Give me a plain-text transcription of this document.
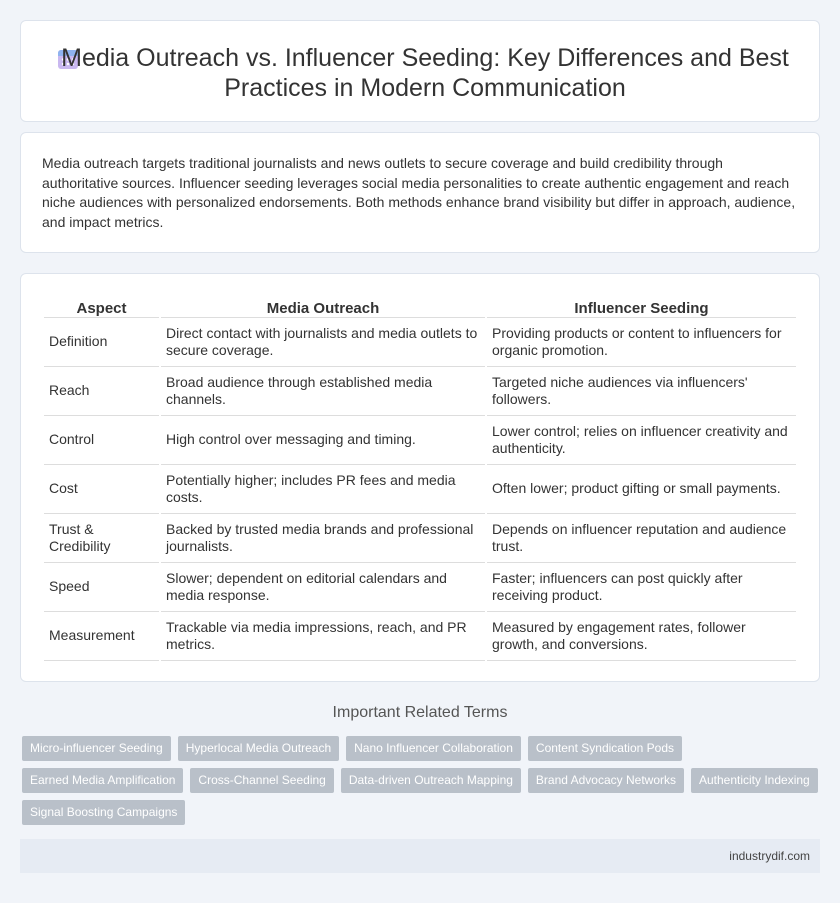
Media Outreach vs. Influencer Seeding: Key Differences and Best Practices in Modern Communication

Media outreach targets traditional journalists and news outlets to secure coverage and build credibility through authoritative sources. Influencer seeding leverages social media personalities to create authentic engagement and reach niche audiences with personalized endorsements. Both methods enhance brand visibility but differ in approach, audience, and impact metrics.

Aspect	Media Outreach	Influencer Seeding
Definition	Direct contact with journalists and media outlets to secure coverage.	Providing products or content to influencers for organic promotion.
Reach	Broad audience through established media channels.	Targeted niche audiences via influencers' followers.
Control	High control over messaging and timing.	Lower control; relies on influencer creativity and authenticity.
Cost	Potentially higher; includes PR fees and media costs.	Often lower; product gifting or small payments.
Trust & Credibility	Backed by trusted media brands and professional journalists.	Depends on influencer reputation and audience trust.
Speed	Slower; dependent on editorial calendars and media response.	Faster; influencers can post quickly after receiving product.
Measurement	Trackable via media impressions, reach, and PR metrics.	Measured by engagement rates, follower growth, and conversions.
Important Related Terms
Micro-influencer Seeding	Hyperlocal Media Outreach	Nano Influencer Collaboration	Content Syndication Pods
Earned Media Amplification	Cross-Channel Seeding	Data-driven Outreach Mapping	Brand Advocacy Networks	Authenticity Indexing
Signal Boosting Campaigns
industrydif.com
